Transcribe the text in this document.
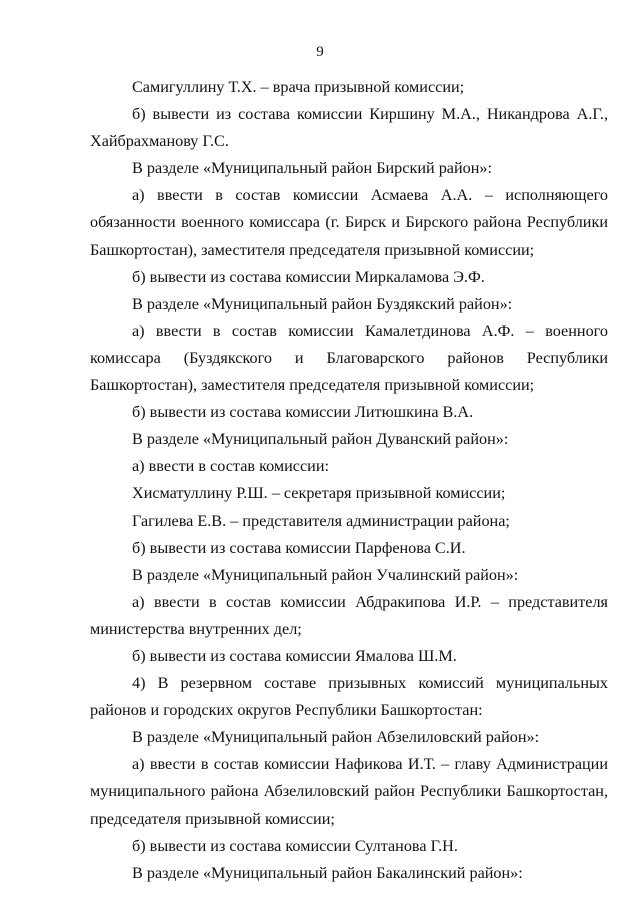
9

Самигуллину Т.Х. – врача призывной комиссии;

б) вывести из состава комиссии Киршину М.А., Никандрова А.Г., Хайбрахманову Г.С.

В разделе «Муниципальный район Бирский район»:

а) ввести в состав комиссии Асмаева А.А. – исполняющего обязанности военного комиссара (г. Бирск и Бирского района Республики Башкортостан), заместителя председателя призывной комиссии;

б) вывести из состава комиссии Миркаламова Э.Ф.

В разделе «Муниципальный район Буздякский район»:

а) ввести в состав комиссии Камалетдинова А.Ф. – военного комиссара (Буздякского и Благоварского районов Республики Башкортостан), заместителя председателя призывной комиссии;

б) вывести из состава комиссии Литюшкина В.А.

В разделе «Муниципальный район Дуванский район»:

а) ввести в состав комиссии:

Хисматуллину Р.Ш. – секретаря призывной комиссии;

Гагилева Е.В. – представителя администрации района;

б) вывести из состава комиссии Парфенова С.И.

В разделе «Муниципальный район Учалинский район»:

а) ввести в состав комиссии Абдракипова И.Р. – представителя министерства внутренних дел;

б) вывести из состава комиссии Ямалова Ш.М.

4) В резервном составе призывных комиссий муниципальных районов и городских округов Республики Башкортостан:

В разделе «Муниципальный район Абзелиловский район»:

а) ввести в состав комиссии Нафикова И.Т. – главу Администрации муниципального района Абзелиловский район Республики Башкортостан, председателя призывной комиссии;

б) вывести из состава комиссии Султанова Г.Н.

В разделе «Муниципальный район Бакалинский район»:
